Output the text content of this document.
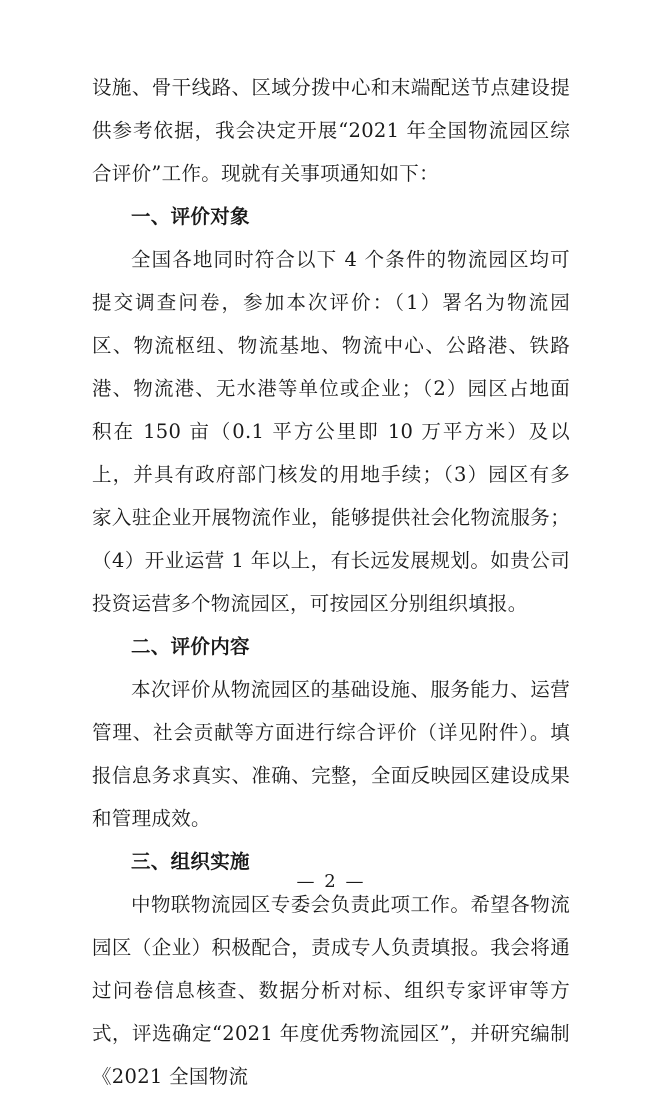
设施、骨干线路、区域分拨中心和末端配送节点建设提供参考依据，我会决定开展“2021 年全国物流园区综合评价”工作。现就有关事项通知如下：

一、评价对象

全国各地同时符合以下 4 个条件的物流园区均可提交调查问卷，参加本次评价：（1）署名为物流园区、物流枢纽、物流基地、物流中心、公路港、铁路港、物流港、无水港等单位或企业；（2）园区占地面积在 150 亩（0.1 平方公里即 10 万平方米）及以上，并具有政府部门核发的用地手续；（3）园区有多家入驻企业开展物流作业，能够提供社会化物流服务；（4）开业运营 1 年以上，有长远发展规划。如贵公司投资运营多个物流园区，可按园区分别组织填报。

二、评价内容

本次评价从物流园区的基础设施、服务能力、运营管理、社会贡献等方面进行综合评价（详见附件）。填报信息务求真实、准确、完整，全面反映园区建设成果和管理成效。

三、组织实施

中物联物流园区专委会负责此项工作。希望各物流园区（企业）积极配合，责成专人负责填报。我会将通过问卷信息核查、数据分析对标、组织专家评审等方式，评选确定“2021 年度优秀物流园区”，并研究编制《2021 全国物流

— 2 —
